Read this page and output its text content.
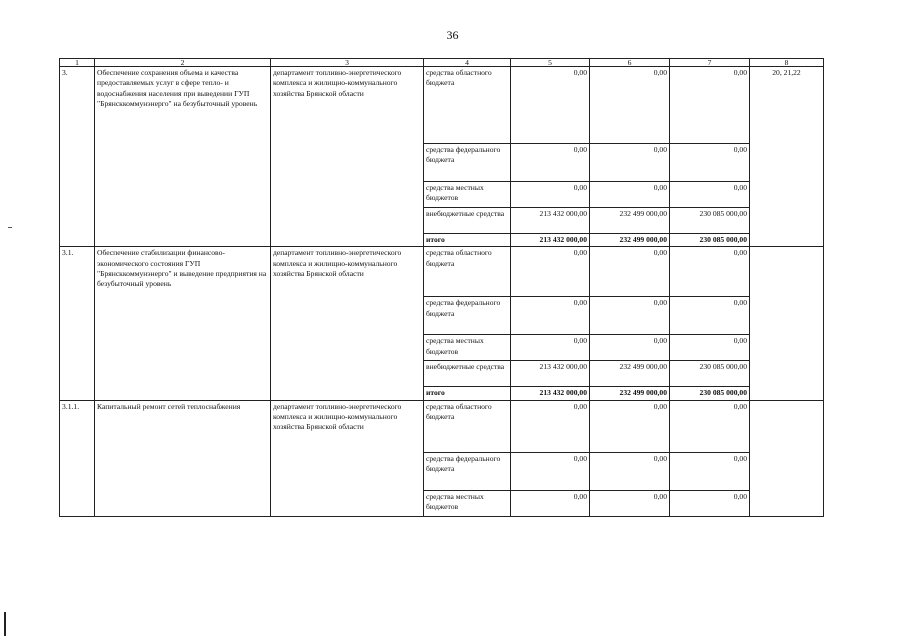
36
1	2	3	4	5	6	7	8
3.	Обеспечение сохранения объема и качества предоставляемых услуг в сфере тепло- и водоснабжения населения при выведении ГУП "Брянсккоммунэнерго" на безубыточный уровень	департамент топливно-энергетического комплекса и жилищно-коммунального хозяйства Брянской области	средства областного бюджета	0,00	0,00	0,00	20, 21,22
			средства федерального бюджета	0,00	0,00	0,00	
			средства местных бюджетов	0,00	0,00	0,00	
			внебюджетные средства	213 432 000,00	232 499 000,00	230 085 000,00	
			итого	213 432 000,00	232 499 000,00	230 085 000,00	
3.1.	Обеспечение стабилизации финансово-экономического состояния ГУП "Брянсккоммунэнерго" и выведение предприятия на безубыточный уровень	департамент топливно-энергетического комплекса и жилищно-коммунального хозяйства Брянской области	средства областного бюджета	0,00	0,00	0,00	
			средства федерального бюджета	0,00	0,00	0,00	
			средства местных бюджетов	0,00	0,00	0,00	
			внебюджетные средства	213 432 000,00	232 499 000,00	230 085 000,00	
			итого	213 432 000,00	232 499 000,00	230 085 000,00	
3.1.1.	Капитальный ремонт сетей теплоснабжения	департамент топливно-энергетического комплекса и жилищно-коммунального хозяйства Брянской области	средства областного бюджета	0,00	0,00	0,00	
			средства федерального бюджета	0,00	0,00	0,00	
			средства местных бюджетов	0,00	0,00	0,00	
